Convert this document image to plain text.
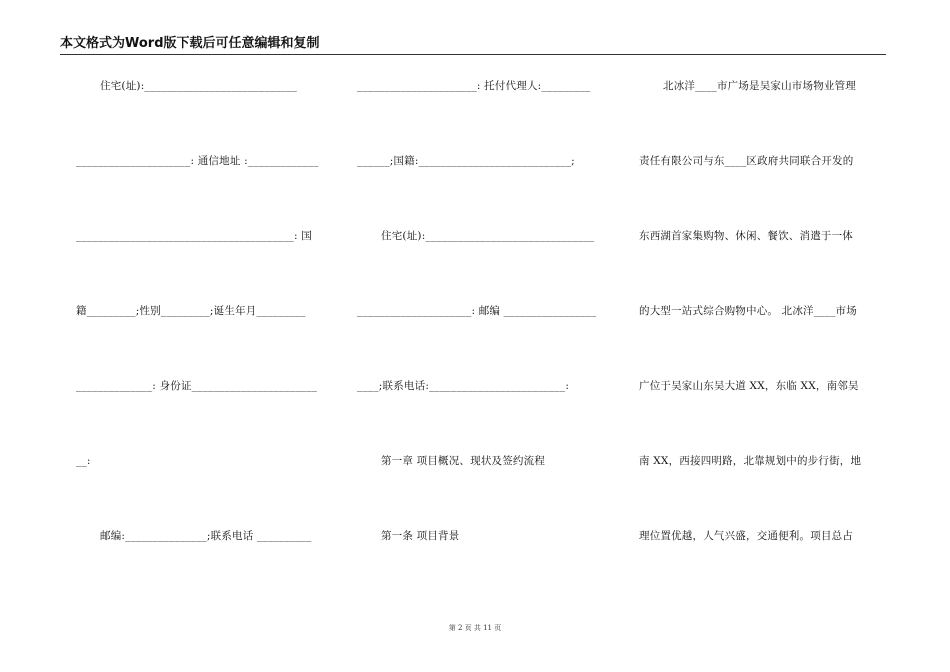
本文格式为Word版下载后可任意编辑和复制
住宅(址):____________________________
_____________________: 通信地址 :_____________
________________________________________: 国
籍_________;性别_________;诞生年月_________
______________: 身份证_______________________
__:
邮编:_______________;联系电话 __________
______________________: 托付代理人:_________
______;国籍:____________________________;
住宅(址):_______________________________
_____________________: 邮编 _________________
____;联系电话:_________________________:
第一章 项目概况、现状及签约流程
第一条 项目背景
北冰洋____市广场是吴家山市场物业管理
责任有限公司与东____区政府共同联合开发的
东西湖首家集购物、休闲、餐饮、消遣于一体
的大型一站式综合购物中心。 北冰洋____市场
广位于吴家山东吴大道 XX，东临 XX，南邻吴
南 XX，西接四明路，北靠规划中的步行街，地
理位置优越，人气兴盛，交通便利。项目总占
第 2 页 共 11 页
